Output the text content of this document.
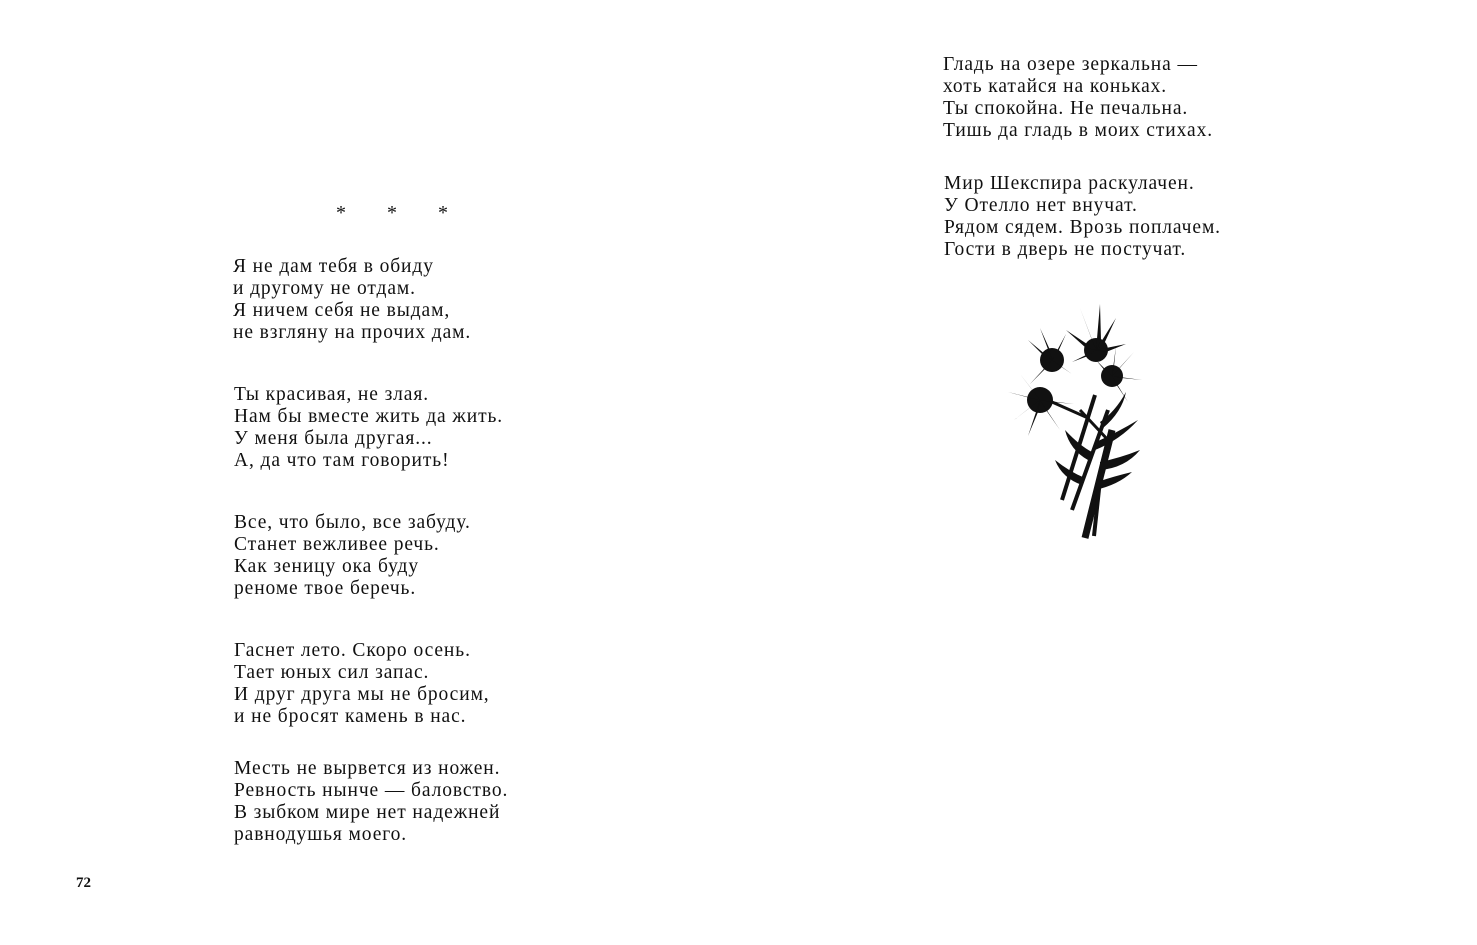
* * *

Я не дам тебя в обиду
и другому не отдам.
Я ничем себя не выдам,
не взгляну на прочих дам.

Ты красивая, не злая.
Нам бы вместе жить да жить.
У меня была другая...
А, да что там говорить!

Все, что было, все забуду.
Станет вежливее речь.
Как зеницу ока буду
реноме твое беречь.

Гаснет лето. Скоро осень.
Тает юных сил запас.
И друг друга мы не бросим,
и не бросят камень в нас.

Месть не вырвется из ножен.
Ревность нынче — баловство.
В зыбком мире нет надежней
равнодушья моего.

72

Гладь на озере зеркальна —
хоть катайся на коньках.
Ты спокойна. Не печальна.
Тишь да гладь в моих стихах.

Мир Шекспира раскулачен.
У Отелло нет внучат.
Рядом сядем. Врозь поплачем.
Гости в дверь не постучат.
